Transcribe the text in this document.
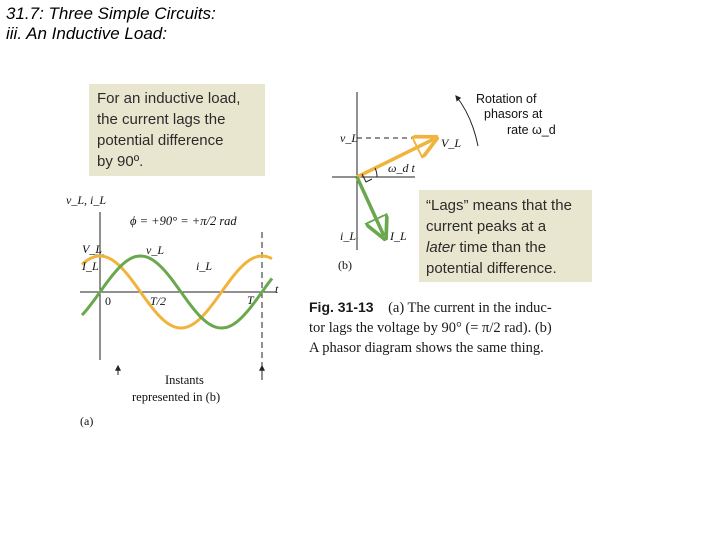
31.7: Three Simple Circuits:
iii. An Inductive Load:
For an inductive load,
the current lags the
potential difference
by 90º.
“Lags” means that the
current peaks at a
later time than the
potential difference.
v_L, i_L
ϕ = +90° = +π/2 rad
V_L
I_L
v_L
i_L
0	T/2	T
t
Instants
represented in (b)
(a)
Rotation of
phasors at
rate ω_d
v_L	V_L
ω_d t
i_L	I_L
(b)
Fig. 31-13 (a) The current in the induc-
tor lags the voltage by 90° (= π/2 rad). (b)
A phasor diagram shows the same thing.
